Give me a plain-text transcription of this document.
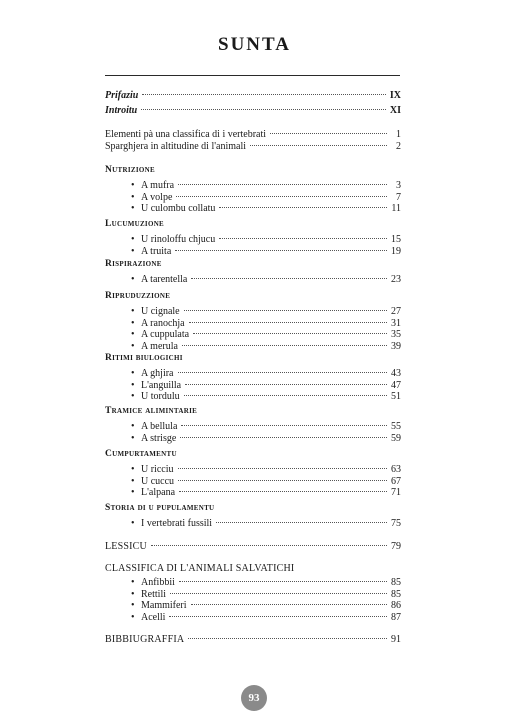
SUNTA
Prifaziu	IX
Introitu	XI
Elementi pà una classifica di i vertebrati	1
Sparghjera in altitudine di l'animali	2
Nutrizione
• A mufra	3
• A volpe	7
• U culombu collatu	11
Lucumuzione
• U rinoloffu chjucu	15
• A truita	19
Rispirazione
• A tarentella	23
Ripruduzzione
• U cignale	27
• A ranochja	31
• A cuppulata	35
• A merula	39
Ritimi biulogichi
• A ghjira	43
• L'anguilla	47
• U tordulu	51
Tramice alimintarie
• A bellula	55
• A strisge	59
Cumpurtamentu
• U ricciu	63
• U cuccu	67
• L'alpana	71
Storia di u pupulamentu
• I vertebrati fussili	75
LESSICU	79
CLASSIFICA DI L'ANIMALI SALVATICHI
• Anfibbii	85
• Rettili	85
• Mammiferi	86
• Acelli	87
BIBBIUGRAFFIA	91
93
